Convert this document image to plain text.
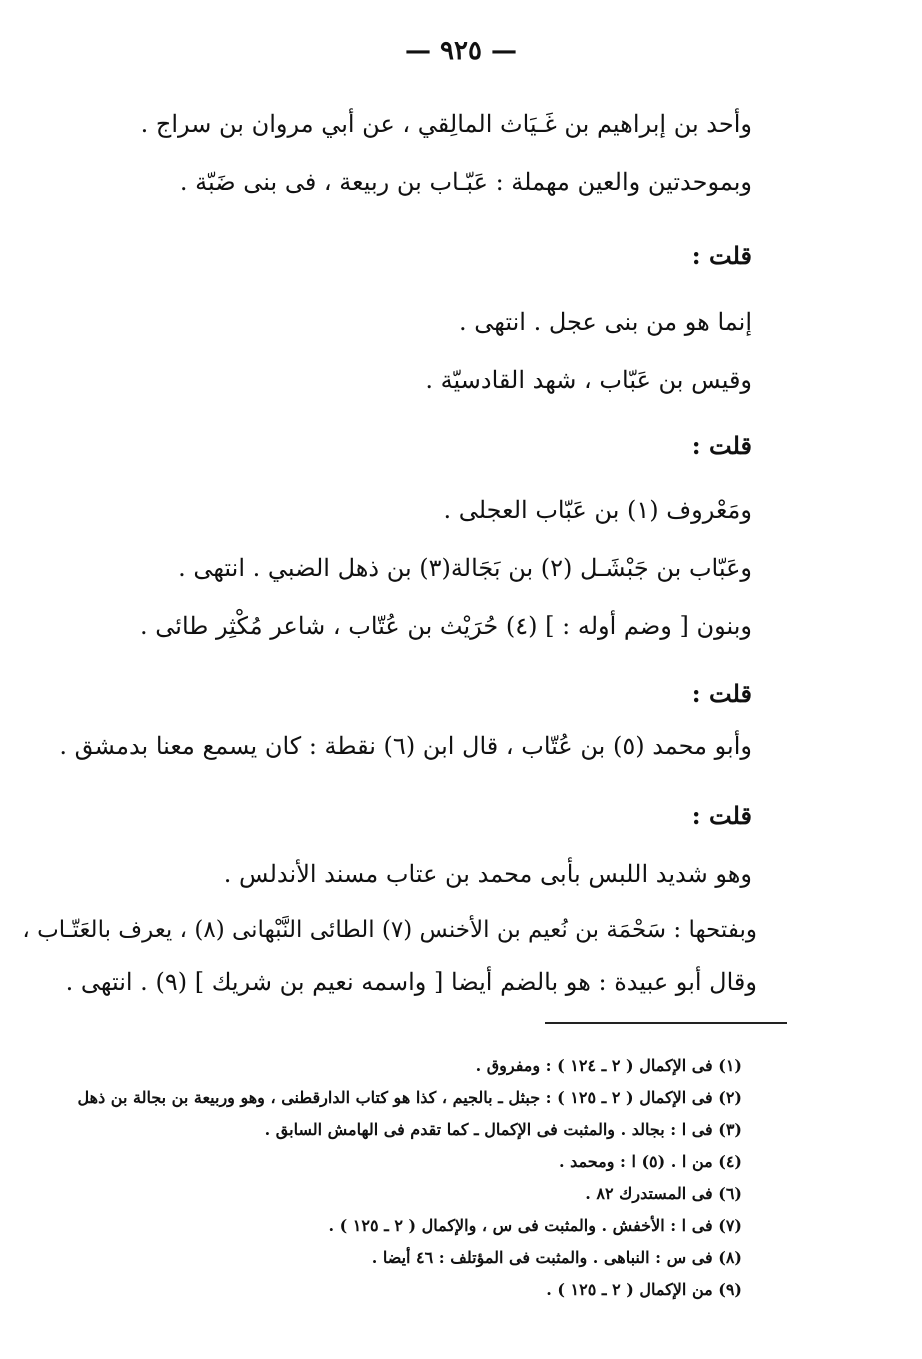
— ٩٢٥ —
وأحد بن إبراهيم بن غَـيَاث المالِقي ، عن أبي مروان بن سراج .
وبموحدتين والعين مهملة : عَبّـاب بن ربيعة ، فى بنى ضَبّة .
قلت :
إنما هو من بنى عجل . انتهى .
وقيس بن عَبّاب ، شهد القادسيّة .
قلت :
ومَعْروف (١) بن عَبّاب العجلى .
وعَبّاب بن جَبْشَـل (٢) بن بَجَالة(٣) بن ذهل الضبي . انتهى .
وبنون [ وضم أوله : ] (٤) حُرَيْث بن عُتّاب ، شاعر مُكْثِر طائى .
قلت :
وأبو محمد (٥) بن عُتّاب ، قال ابن (٦) نقطة : كان يسمع معنا بدمشق .
قلت :
وهو شديد اللبس بأبى محمد بن عتاب مسند الأندلس .
وبفتحها : سَحْمَة بن نُعيم بن الأخنس (٧) الطائى النَّبْهانى (٨) ، يعرف بالعَتّـاب ،
وقال أبو عبيدة : هو بالضم أيضا [ واسمه نعيم بن شريك ] (٩) . انتهى .
(١) فى الإكمال ( ٢ ـ ١٢٤ ) : ومفروق .
(٢) فى الإكمال ( ٢ ـ ١٢٥ ) : جبثل ـ بالجيم ، كذا هو كتاب الدارقطنى ، وهو وربيعة بن بجالة بن ذهل
(٣) فى ا : بجالد . والمثبت فى الإكمال ـ كما تقدم فى الهامش السابق .
(٤) من ا . (٥) ا : ومحمد .
(٦) فى المستدرك ٨٢ .
(٧) فى ا : الأخفش . والمثبت فى س ، والإكمال ( ٢ ـ ١٢٥ ) .
(٨) فى س : النباهى . والمثبت فى المؤتلف : ٤٦ أيضا .
(٩) من الإكمال ( ٢ ـ ١٢٥ ) .
